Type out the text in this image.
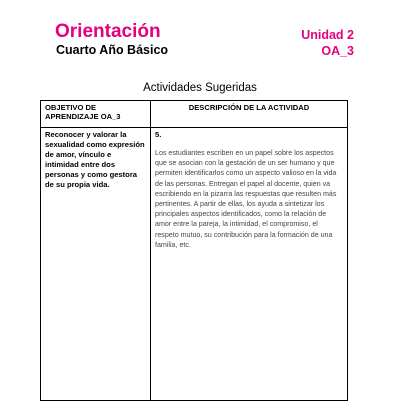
Orientación
Cuarto Año Básico
Unidad 2
OA_3
Actividades Sugeridas
OBJETIVO DE APRENDIZAJE OA_3	DESCRIPCIÓN DE LA ACTIVIDAD

Reconocer y valorar la sexualidad como expresión de amor, vínculo e intimidad entre dos personas y como gestora de su propia vida.	5.
Los estudiantes escriben en un papel sobre los aspectos que se asocian con la gestación de un ser humano y que permiten identificarlos como un aspecto valioso en la vida de las personas. Entregan el papel al docente, quien va escribiendo en la pizarra las respuestas que resulten más pertinentes. A partir de ellas, los ayuda a sintetizar los principales aspectos identificados, como la relación de amor entre la pareja, la intimidad, el compromiso, el respeto mutuo, su contribución para la formación de una familia, etc.
